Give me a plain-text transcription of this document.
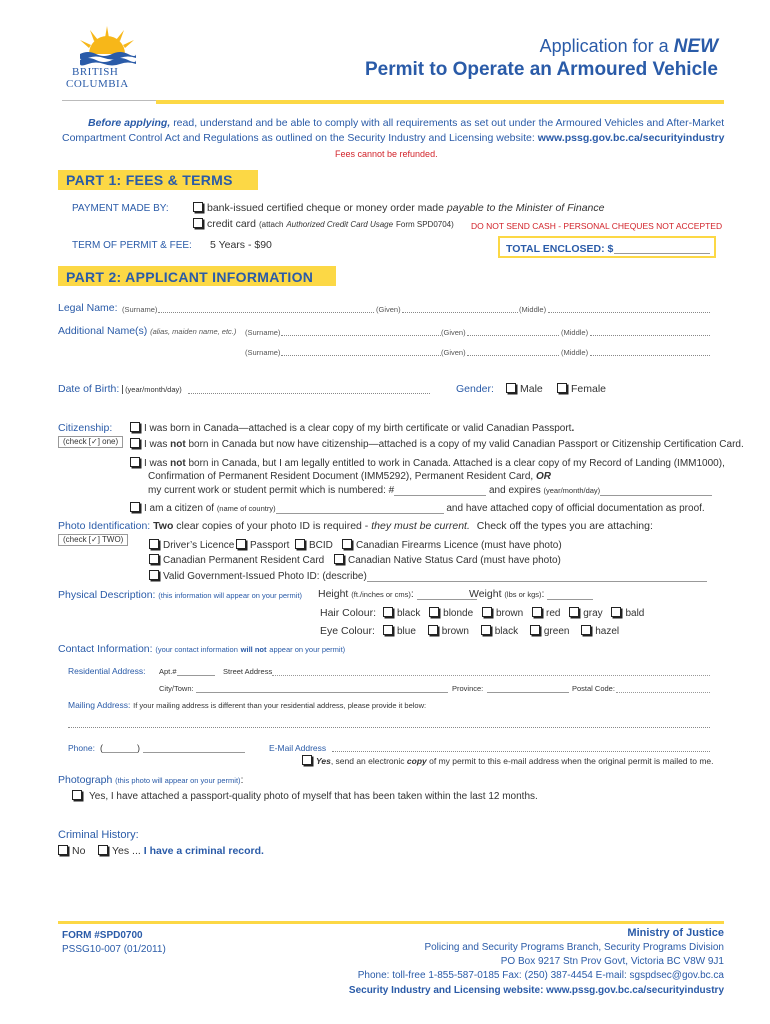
BRITISH
COLUMBIA
Application for a NEW
Permit to Operate an Armoured Vehicle
Before applying, read, understand and be able to comply with all requirements as set out under the Armoured Vehicles and After-Market
Compartment Control Act and Regulations as outlined on the Security Industry and Licensing website: www.pssg.gov.bc.ca/securityindustry
Fees cannot be refunded.
PART 1: FEES & TERMS
PAYMENT MADE BY:	bank-issued certified cheque or money order made payable to the Minister of Finance
credit card (attach Authorized Credit Card Usage Form SPD0704) DO NOT SEND CASH - PERSONAL CHEQUES NOT ACCEPTED
TERM OF PERMIT & FEE: 5 Years - $90	TOTAL ENCLOSED: $
PART 2: APPLICANT INFORMATION
Legal Name: (Surname)	(Given)	(Middle)
Additional Name(s) (alias, maiden name, etc.) (Surname)	(Given)	(Middle)
(Surname)	(Given)	(Middle)
Date of Birth: (year/month/day)	Gender:	Male	Female
Citizenship:
(check [✓] one)
I was born in Canada—attached is a clear copy of my birth certificate or valid Canadian Passport.
I was not born in Canada but now have citizenship—attached is a copy of my valid Canadian Passport or Citizenship Certification Card.
I was not born in Canada, but I am legally entitled to work in Canada. Attached is a clear copy of my Record of Landing (IMM1000),
Confirmation of Permanent Resident Document (IMM5292), Permanent Resident Card, OR
my current work or student permit which is numbered: #	and expires (year/month/day)
I am a citizen of (name of country)	and have attached copy of official documentation as proof.
Photo Identification: Two clear copies of your photo ID is required - they must be current. Check off the types you are attaching:
(check [✓] TWO)
Driver’s Licence	Passport	BCID	Canadian Firearms Licence (must have photo)
Canadian Permanent Resident Card	Canadian Native Status Card (must have photo)
Valid Government-Issued Photo ID: (describe)
Physical Description: (this information will appear on your permit) Height (ft./inches or cms):	Weight (lbs or kgs):
Hair Colour:	black blonde brown red gray bald
Eye Colour:	blue	brown	black	green	hazel
Contact Information: (your contact information will not appear on your permit)
Residential Address: Apt.#	Street Address
City/Town:	Province:	Postal Code:
Mailing Address: If your mailing address is different than your residential address, please provide it below:
Phone: (	)	E-Mail Address
Yes, send an electronic copy of my permit to this e-mail address when the original permit is mailed to me.
Photograph (this photo will appear on your permit):
Yes, I have attached a passport-quality photo of myself that has been taken within the last 12 months.
Criminal History:
No	Yes ... I have a criminal record.
FORM #SPD0700
PSSG10-007 (01/2011)
Ministry of Justice
Policing and Security Programs Branch, Security Programs Division
PO Box 9217 Stn Prov Govt, Victoria BC V8W 9J1
Phone: toll-free 1-855-587-0185 Fax: (250) 387-4454 E-mail: sgspdsec@gov.bc.ca
Security Industry and Licensing website: www.pssg.gov.bc.ca/securityindustry
